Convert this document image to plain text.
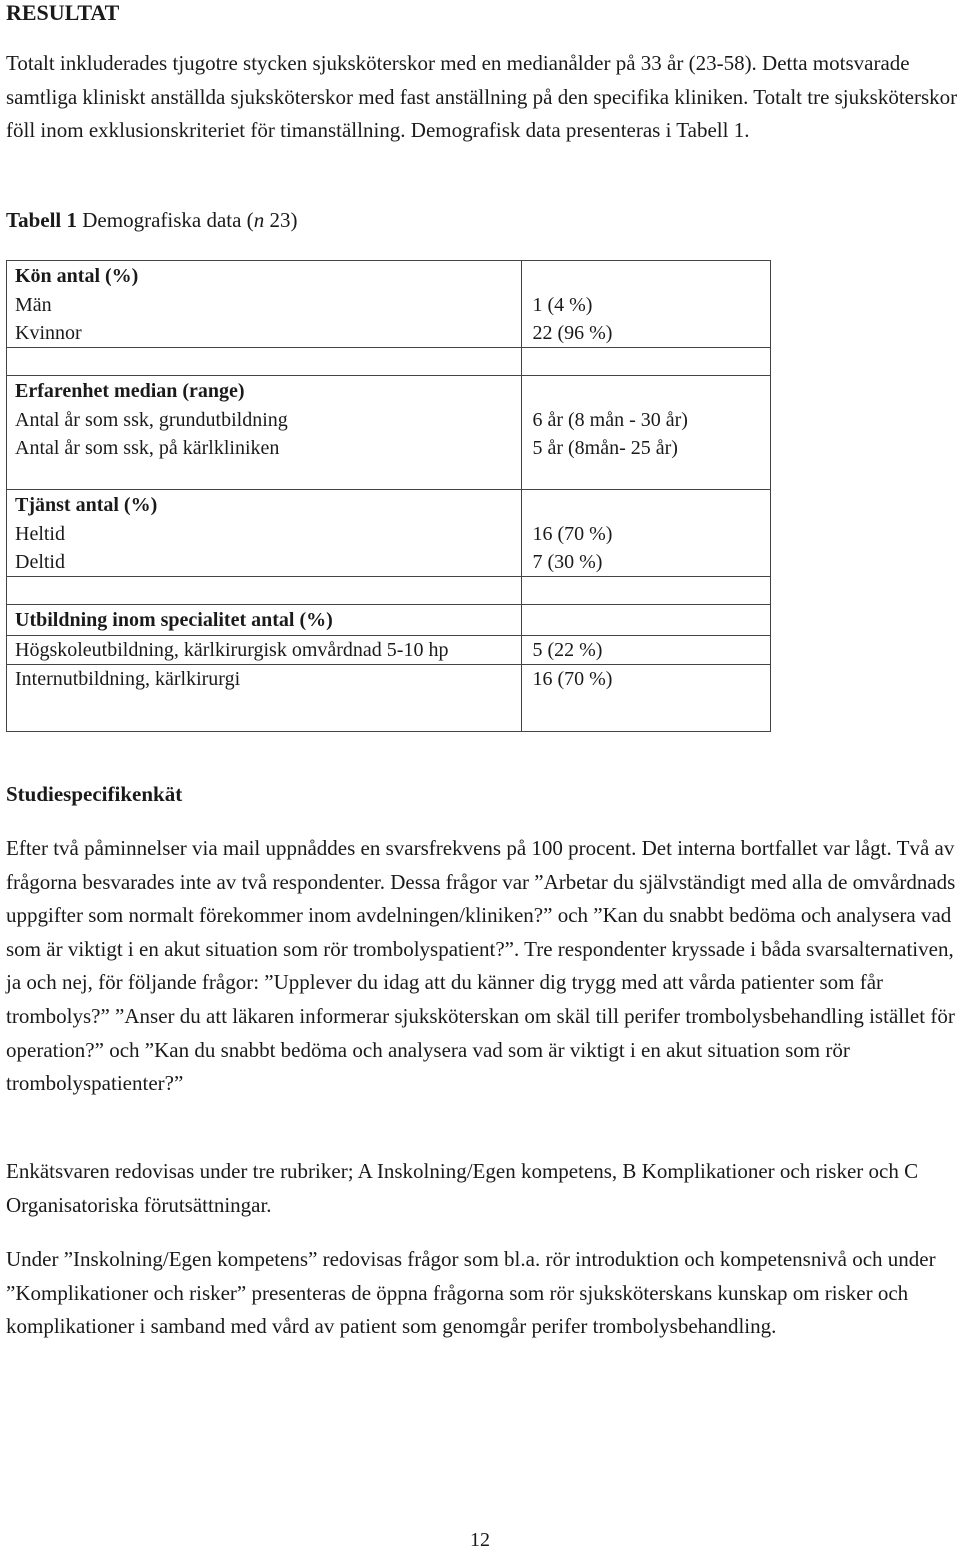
RESULTAT

Totalt inkluderades tjugotre stycken sjuksköterskor med en medianålder på 33 år (23-58). Detta motsvarade samtliga kliniskt anställda sjuksköterskor med fast anställning på den specifika kliniken. Totalt tre sjuksköterskor föll inom exklusionskriteriet för timanställning. Demografisk data presenteras i Tabell 1.

Tabell 1 Demografiska data (n 23)

Kön antal (%)	
Män	1 (4 %)
Kvinnor	22 (96 %)

Erfarenhet median (range)	
Antal år som ssk, grundutbildning	6 år (8 mån - 30 år)
Antal år som ssk, på kärlkliniken	5 år (8mån- 25 år)

Tjänst antal (%)	
Heltid	16 (70 %)
Deltid	7 (30 %)

Utbildning inom specialitet antal (%)	
Högskoleutbildning, kärlkirurgisk omvårdnad 5-10 hp	5 (22 %)
Internutbildning, kärlkirurgi	16 (70 %)

Studiespecifikenkät

Efter två påminnelser via mail uppnåddes en svarsfrekvens på 100 procent. Det interna bortfallet var lågt. Två av frågorna besvarades inte av två respondenter. Dessa frågor var ”Arbetar du självständigt med alla de omvårdnads uppgifter som normalt förekommer inom avdelningen/kliniken?” och ”Kan du snabbt bedöma och analysera vad som är viktigt i en akut situation som rör trombolyspatient?”. Tre respondenter kryssade i båda svarsalternativen, ja och nej, för följande frågor: ”Upplever du idag att du känner dig trygg med att vårda patienter som får trombolys?” ”Anser du att läkaren informerar sjuksköterskan om skäl till perifer trombolysbehandling istället för operation?” och ”Kan du snabbt bedöma och analysera vad som är viktigt i en akut situation som rör trombolyspatienter?”

Enkätsvaren redovisas under tre rubriker; A Inskolning/Egen kompetens, B Komplikationer och risker och C Organisatoriska förutsättningar.

Under ”Inskolning/Egen kompetens” redovisas frågor som bl.a. rör introduktion och kompetensnivå och under ”Komplikationer och risker” presenteras de öppna frågorna som rör sjuksköterskans kunskap om risker och komplikationer i samband med vård av patient som genomgår perifer trombolysbehandling.

12
